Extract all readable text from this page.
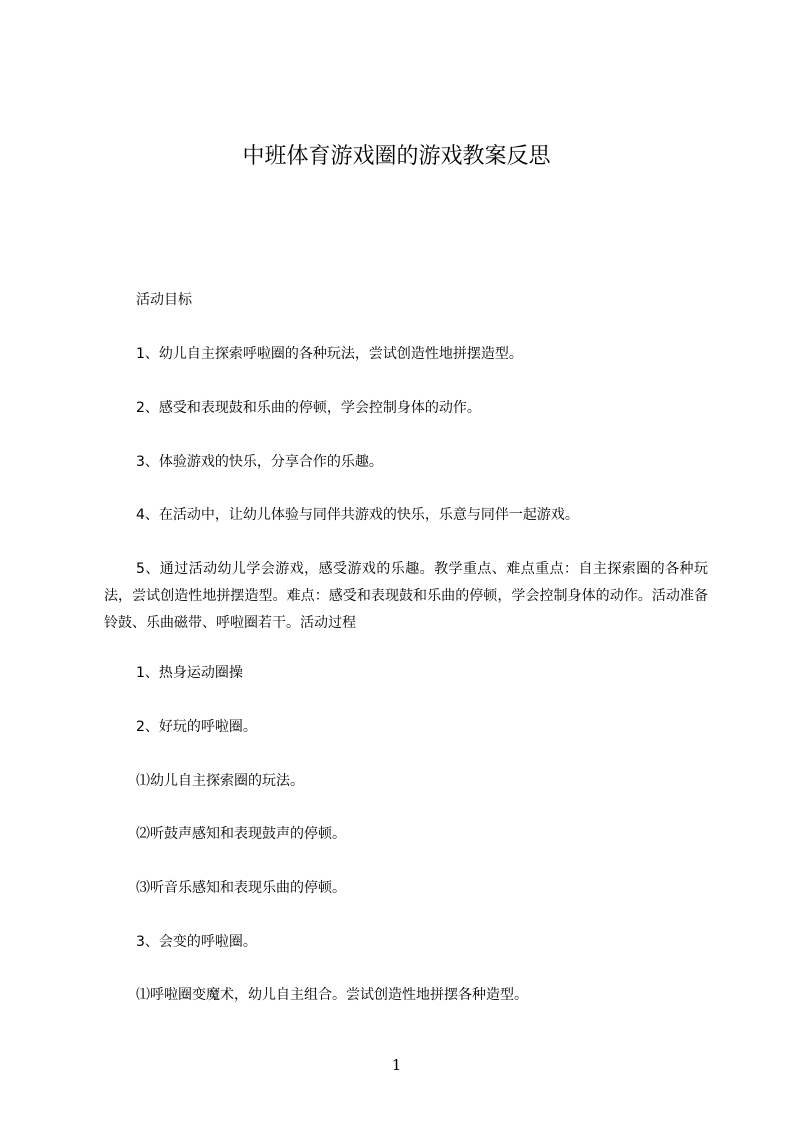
中班体育游戏圈的游戏教案反思

活动目标

1、幼儿自主探索呼啦圈的各种玩法，尝试创造性地拼摆造型。

2、感受和表现鼓和乐曲的停顿，学会控制身体的动作。

3、体验游戏的快乐，分享合作的乐趣。

4、在活动中，让幼儿体验与同伴共游戏的快乐，乐意与同伴一起游戏。

5、通过活动幼儿学会游戏，感受游戏的乐趣。教学重点、难点重点：自主探索圈的各种玩法，尝试创造性地拼摆造型。难点：感受和表现鼓和乐曲的停顿，学会控制身体的动作。活动准备铃鼓、乐曲磁带、呼啦圈若干。活动过程

1、热身运动圈操

2、好玩的呼啦圈。

⑴幼儿自主探索圈的玩法。

⑵听鼓声感知和表现鼓声的停顿。

⑶听音乐感知和表现乐曲的停顿。

3、会变的呼啦圈。

⑴呼啦圈变魔术，幼儿自主组合。尝试创造性地拼摆各种造型。

1
